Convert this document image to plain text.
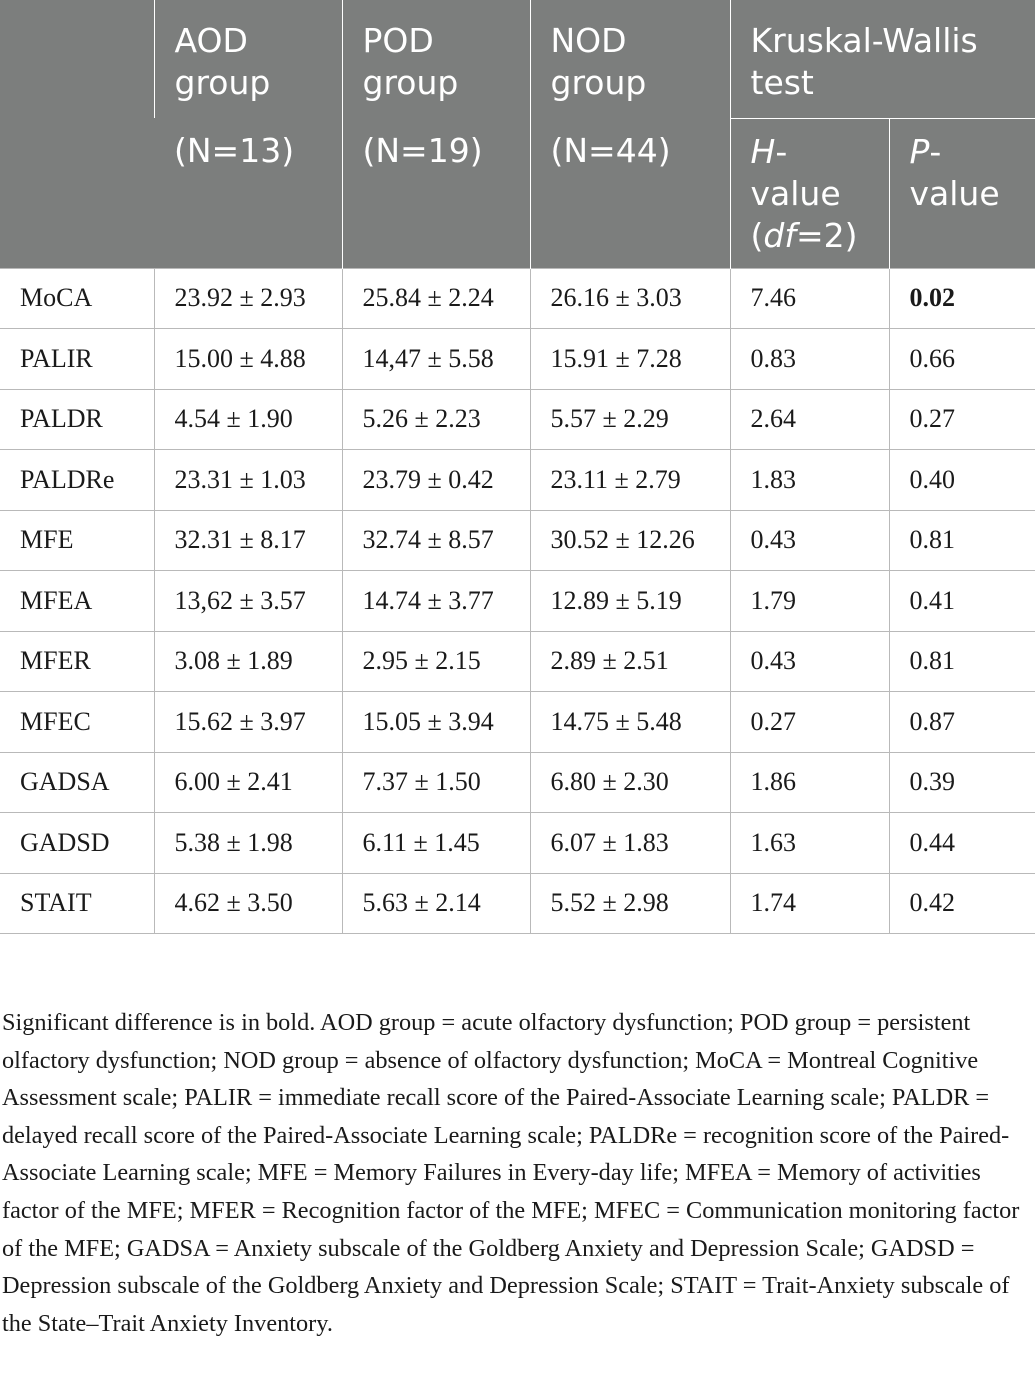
	AOD group	POD group	NOD group	Kruskal-Wallis test	
	(N=13)	(N=19)	(N=44)	H-value (df=2)	P-value
MoCA	23.92 ± 2.93	25.84 ± 2.24	26.16 ± 3.03	7.46	0.02
PALIR	15.00 ± 4.88	14,47 ± 5.58	15.91 ± 7.28	0.83	0.66
PALDR	4.54 ± 1.90	5.26 ± 2.23	5.57 ± 2.29	2.64	0.27
PALDRe	23.31 ± 1.03	23.79 ± 0.42	23.11 ± 2.79	1.83	0.40
MFE	32.31 ± 8.17	32.74 ± 8.57	30.52 ± 12.26	0.43	0.81
MFEA	13,62 ± 3.57	14.74 ± 3.77	12.89 ± 5.19	1.79	0.41
MFER	3.08 ± 1.89	2.95 ± 2.15	2.89 ± 2.51	0.43	0.81
MFEC	15.62 ± 3.97	15.05 ± 3.94	14.75 ± 5.48	0.27	0.87
GADSA	6.00 ± 2.41	7.37 ± 1.50	6.80 ± 2.30	1.86	0.39
GADSD	5.38 ± 1.98	6.11 ± 1.45	6.07 ± 1.83	1.63	0.44
STAIT	4.62 ± 3.50	5.63 ± 2.14	5.52 ± 2.98	1.74	0.42

Significant difference is in bold. AOD group = acute olfactory dysfunction; POD group = persistent olfactory dysfunction; NOD group = absence of olfactory dysfunction; MoCA = Montreal Cognitive Assessment scale; PALIR = immediate recall score of the Paired-Associate Learning scale; PALDR = delayed recall score of the Paired-Associate Learning scale; PALDRe = recognition score of the Paired-Associate Learning scale; MFE = Memory Failures in Every-day life; MFEA = Memory of activities factor of the MFE; MFER = Recognition factor of the MFE; MFEC = Communication monitoring factor of the MFE; GADSA = Anxiety subscale of the Goldberg Anxiety and Depression Scale; GADSD = Depression subscale of the Goldberg Anxiety and Depression Scale; STAIT = Trait-Anxiety subscale of the State–Trait Anxiety Inventory.
